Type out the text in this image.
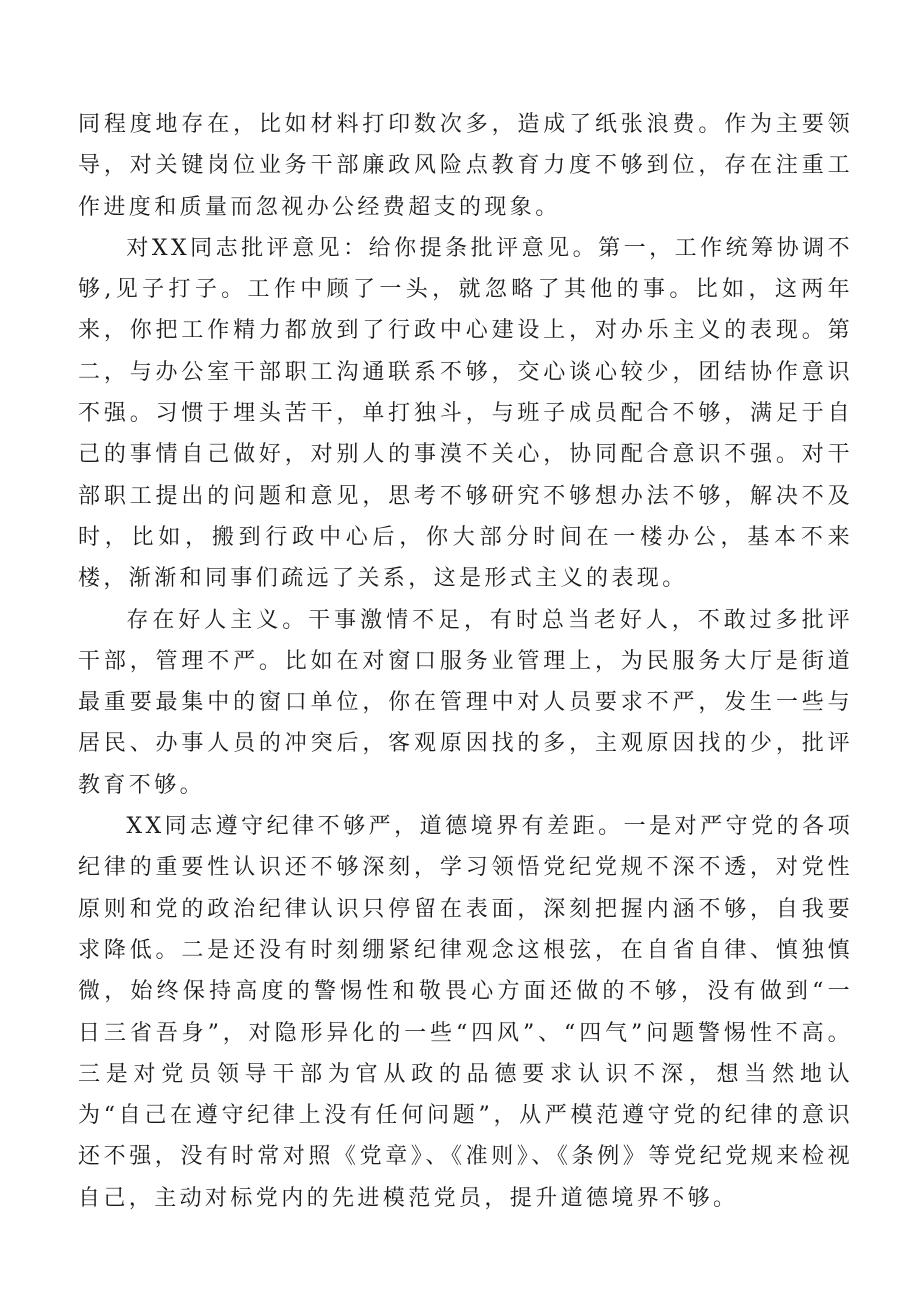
同程度地存在，比如材料打印数次多，造成了纸张浪费。作为主要领导，对关键岗位业务干部廉政风险点教育力度不够到位，存在注重工作进度和质量而忽视办公经费超支的现象。

对XX同志批评意见：给你提条批评意见。第一，工作统筹协调不够,见子打子。工作中顾了一头，就忽略了其他的事。比如，这两年来，你把工作精力都放到了行政中心建设上，对办乐主义的表现。第二，与办公室干部职工沟通联系不够，交心谈心较少，团结协作意识不强。习惯于埋头苦干，单打独斗，与班子成员配合不够，满足于自己的事情自己做好，对别人的事漠不关心，协同配合意识不强。对干部职工提出的问题和意见，思考不够研究不够想办法不够，解决不及时，比如，搬到行政中心后，你大部分时间在一楼办公，基本不来楼，渐渐和同事们疏远了关系，这是形式主义的表现。

存在好人主义。干事激情不足，有时总当老好人，不敢过多批评干部，管理不严。比如在对窗口服务业管理上，为民服务大厅是街道最重要最集中的窗口单位，你在管理中对人员要求不严，发生一些与居民、办事人员的冲突后，客观原因找的多，主观原因找的少，批评教育不够。

XX同志遵守纪律不够严，道德境界有差距。一是对严守党的各项纪律的重要性认识还不够深刻，学习领悟党纪党规不深不透，对党性原则和党的政治纪律认识只停留在表面，深刻把握内涵不够，自我要求降低。二是还没有时刻绷紧纪律观念这根弦，在自省自律、慎独慎微，始终保持高度的警惕性和敬畏心方面还做的不够，没有做到“一日三省吾身”，对隐形异化的一些“四风”、“四气”问题警惕性不高。三是对党员领导干部为官从政的品德要求认识不深，想当然地认为“自己在遵守纪律上没有任何问题”，从严模范遵守党的纪律的意识还不强，没有时常对照《党章》、《准则》、《条例》等党纪党规来检视自己，主动对标党内的先进模范党员，提升道德境界不够。
